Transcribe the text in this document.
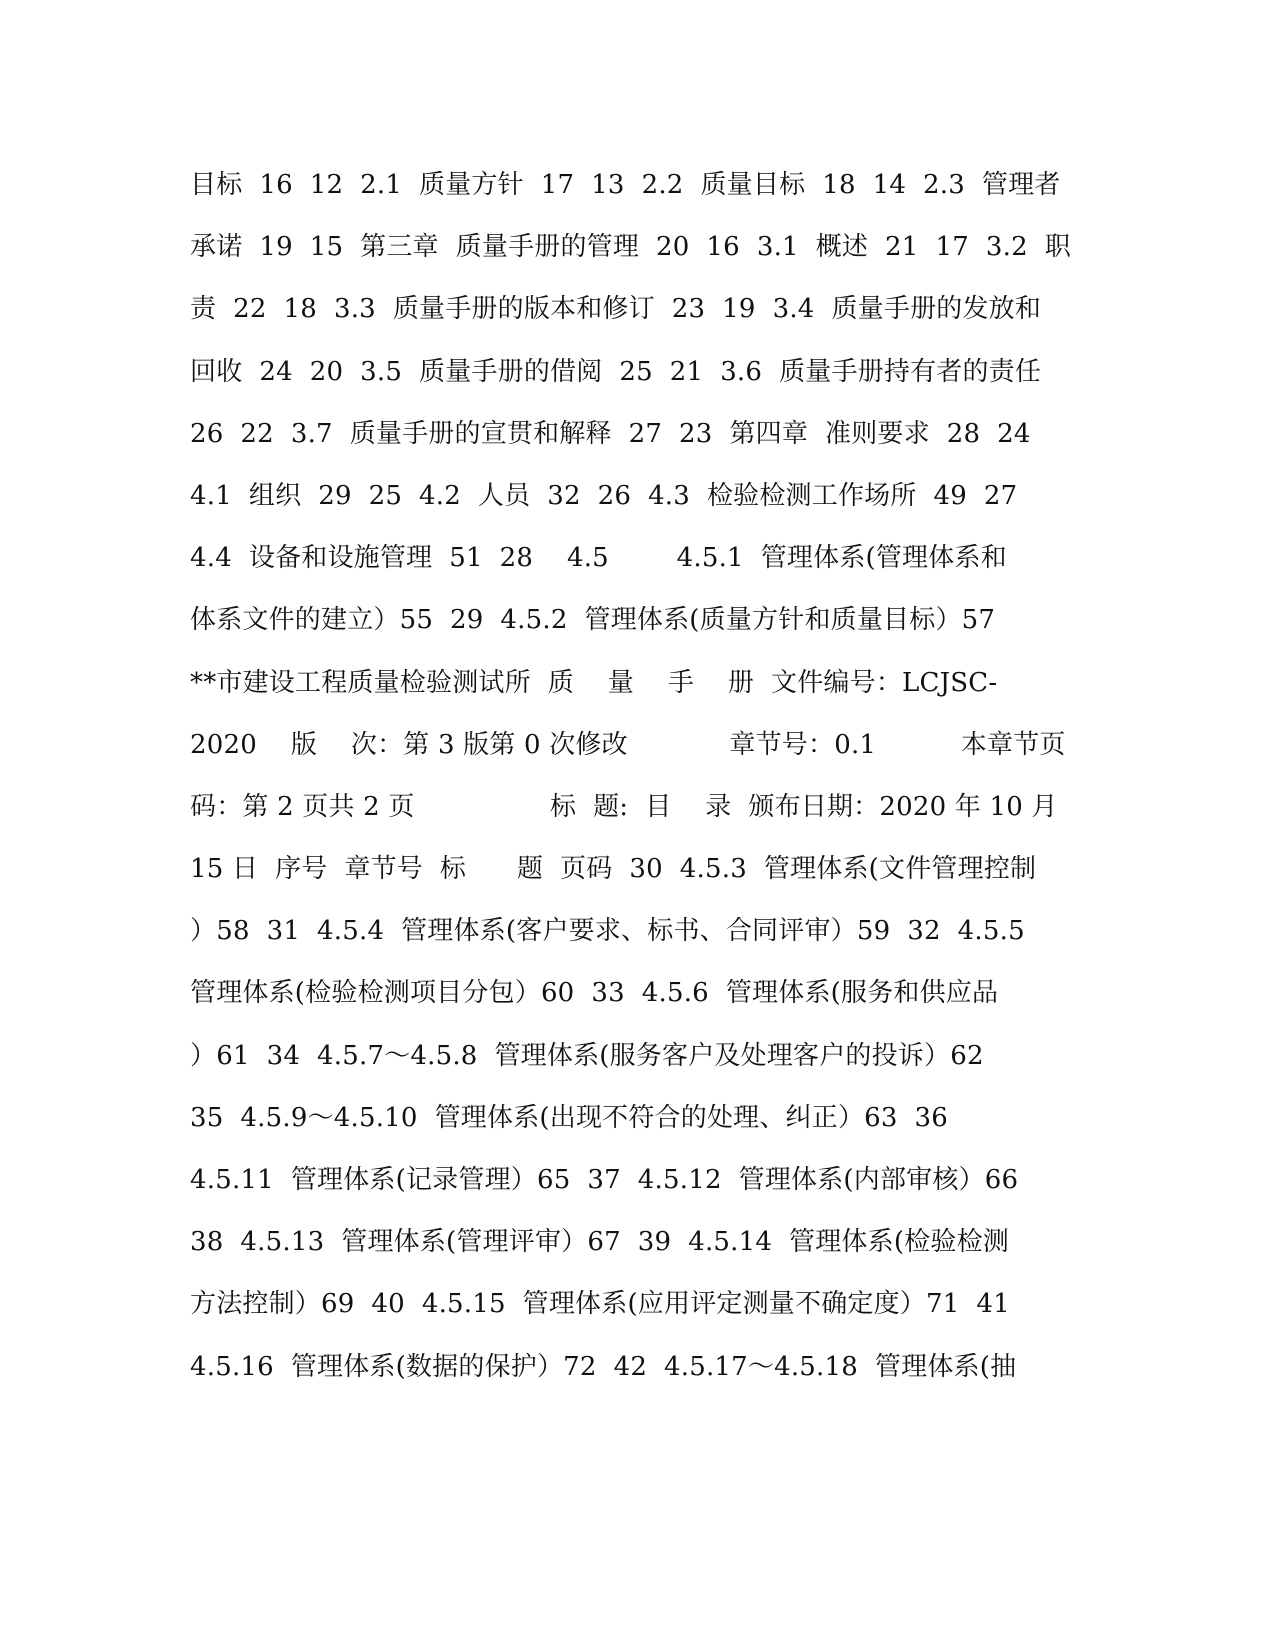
目标  16  12  2.1  质量方针  17  13  2.2  质量目标  18  14  2.3  管理者
承诺  19  15  第三章  质量手册的管理  20  16  3.1  概述  21  17  3.2  职
责  22  18  3.3  质量手册的版本和修订  23  19  3.4  质量手册的发放和
回收  24  20  3.5  质量手册的借阅  25  21  3.6  质量手册持有者的责任
26  22  3.7  质量手册的宣贯和解释  27  23  第四章  准则要求  28  24
4.1  组织  29  25  4.2  人员  32  26  4.3  检验检测工作场所  49  27
4.4  设备和设施管理  51  28    4.5        4.5.1  管理体系(管理体系和
体系文件的建立）55  29  4.5.2  管理体系(质量方针和质量目标）57
**市建设工程质量检验测试所  质    量    手    册  文件编号：LCJSC-
2020    版    次：第 3 版第 0 次修改            章节号：0.1          本章节页
码：第 2 页共 2 页                标  题:  目    录  颁布日期：2020 年 10 月
15 日  序号  章节号  标      题  页码  30  4.5.3  管理体系(文件管理控制
）58  31  4.5.4  管理体系(客户要求、标书、合同评审）59  32  4.5.5
管理体系(检验检测项目分包）60  33  4.5.6  管理体系(服务和供应品
）61  34  4.5.7～4.5.8  管理体系(服务客户及处理客户的投诉）62
35  4.5.9～4.5.10  管理体系(出现不符合的处理、纠正）63  36
4.5.11  管理体系(记录管理）65  37  4.5.12  管理体系(内部审核）66
38  4.5.13  管理体系(管理评审）67  39  4.5.14  管理体系(检验检测
方法控制）69  40  4.5.15  管理体系(应用评定测量不确定度）71  41
4.5.16  管理体系(数据的保护）72  42  4.5.17～4.5.18  管理体系(抽
